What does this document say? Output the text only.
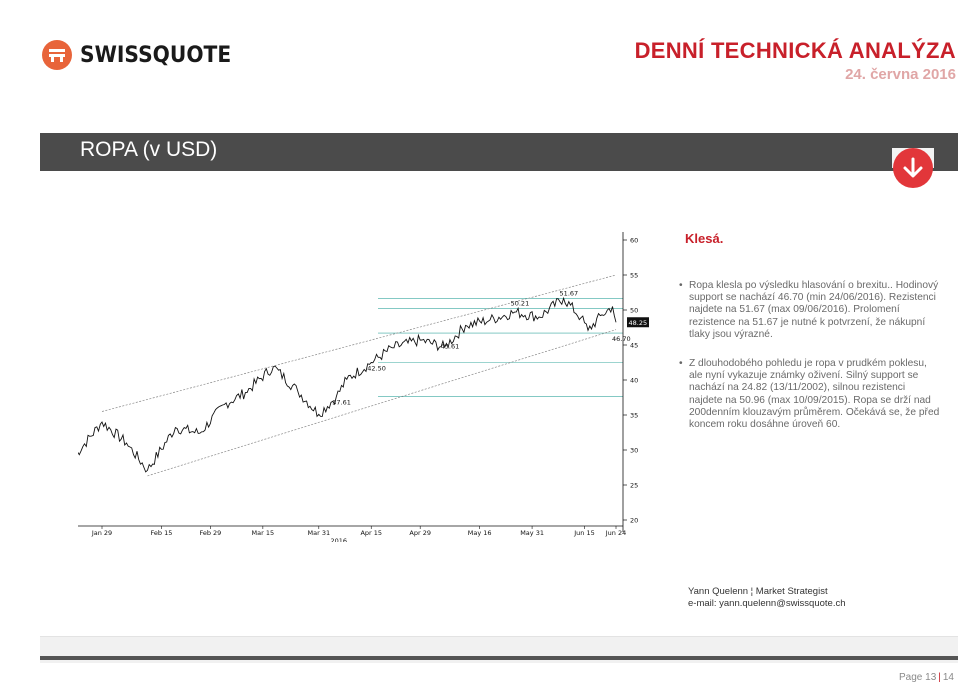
SWISSQUOTE	DENNÍ TECHNICKÁ ANALÝZA
24. června 2016
ROPA (v USD)
37.61
42.50
45.61
50.21
51.67
46.70
60
55
50
45
40
35
30
25
20
48.25
Jan 29	Feb 15	Feb 29	Mar 15	Mar 31	Apr 15	Apr 29	May 16	May 31	Jun 15 Jun 24
2016
Klesá.
• Ropa klesla po výsledku hlasování o brexitu.. Hodinový support se nachází 46.70 (min 24/06/2016). Rezistenci najdete na 51.67 (max 09/06/2016). Prolomení rezistence na 51.67 je nutné k potvrzení, že nákupní tlaky jsou výrazné.
• Z dlouhodobého pohledu je ropa v prudkém poklesu, ale nyní vykazuje známky oživení. Silný support se nachází na 24.82 (13/11/2002), silnou rezistenci najdete na 50.96 (max 10/09/2015). Ropa se drží nad 200denním klouzavým průměrem. Očekává se, že před koncem roku dosáhne úroveň 60.
Yann Quelenn ¦ Market Strategist
e-mail: yann.quelenn@swissquote.ch
Page 13 | 14
